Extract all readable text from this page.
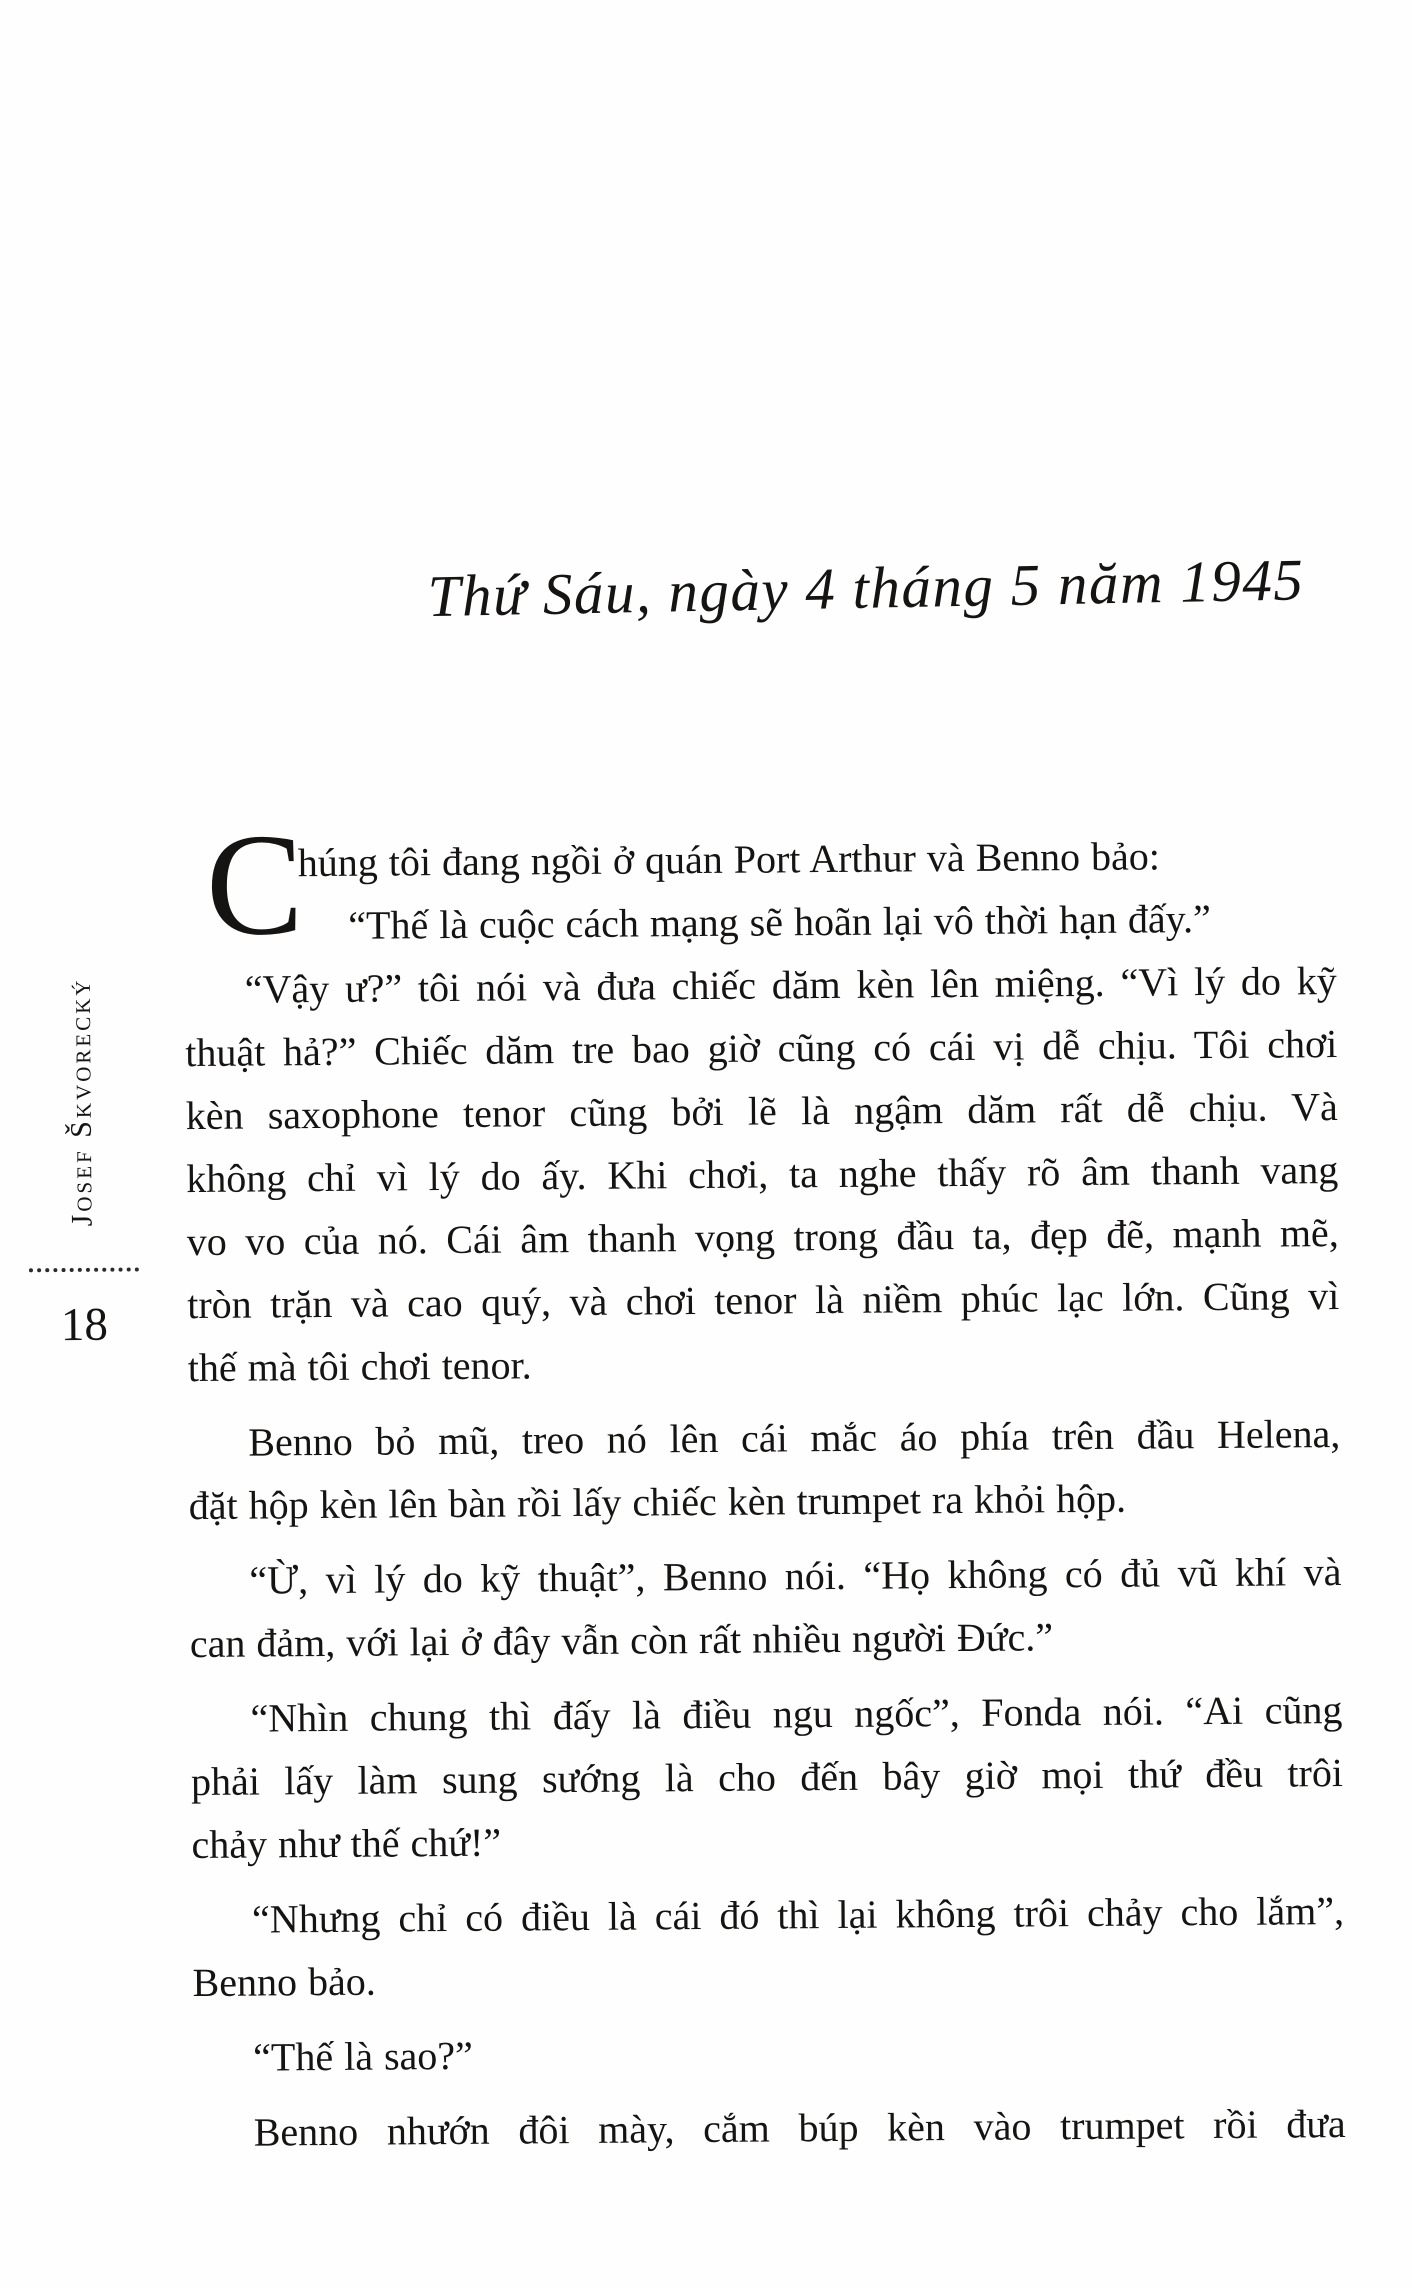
Thứ Sáu, ngày 4 tháng 5 năm 1945
Josef Škvorecký
18
C
húng tôi đang ngồi ở quán Port Arthur và Benno bảo:
“Thế là cuộc cách mạng sẽ hoãn lại vô thời hạn đấy.”
“Vậy ư?” tôi nói và đưa chiếc dăm kèn lên miệng. “Vì lý do kỹ
thuật hả?” Chiếc dăm tre bao giờ cũng có cái vị dễ chịu. Tôi chơi
kèn saxophone tenor cũng bởi lẽ là ngậm dăm rất dễ chịu. Và
không chỉ vì lý do ấy. Khi chơi, ta nghe thấy rõ âm thanh vang
vo vo của nó. Cái âm thanh vọng trong đầu ta, đẹp đẽ, mạnh mẽ,
tròn trặn và cao quý, và chơi tenor là niềm phúc lạc lớn. Cũng vì
thế mà tôi chơi tenor.
Benno bỏ mũ, treo nó lên cái mắc áo phía trên đầu Helena,
đặt hộp kèn lên bàn rồi lấy chiếc kèn trumpet ra khỏi hộp.
“Ừ, vì lý do kỹ thuật”, Benno nói. “Họ không có đủ vũ khí và
can đảm, với lại ở đây vẫn còn rất nhiều người Đức.”
“Nhìn chung thì đấy là điều ngu ngốc”, Fonda nói. “Ai cũng
phải lấy làm sung sướng là cho đến bây giờ mọi thứ đều trôi
chảy như thế chứ!”
“Nhưng chỉ có điều là cái đó thì lại không trôi chảy cho lắm”,
Benno bảo.
“Thế là sao?”
Benno nhướn đôi mày, cắm búp kèn vào trumpet rồi đưa
